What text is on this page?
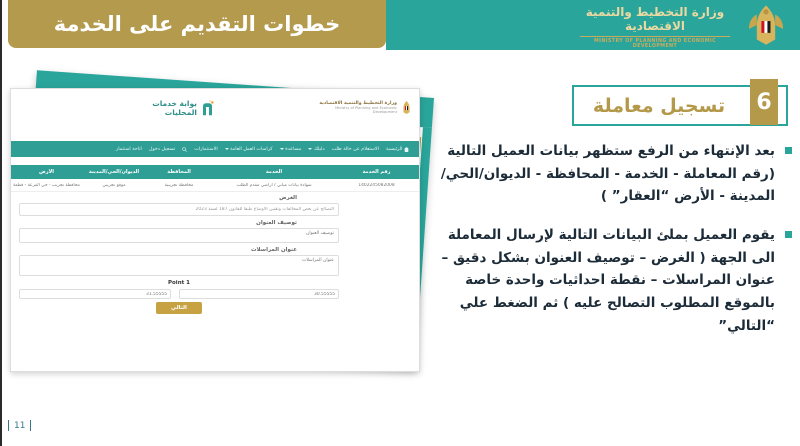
خطوات التقديم على الخدمة	وزارة التخطيط والتنمية الاقتصادية
MINISTRY OF PLANNING AND ECONOMIC DEVELOPMENT
6
تسجيل معاملة
بعد الإنتهاء من الرفع ستظهر بيانات العميل التالية (رقم المعاملة - الخدمة - المحافظة - الديوان/الحي/المدينة - الأرض “العقار” )
يقوم العميل بملئ البيانات التالية لإرسال المعاملة الى الجهة ( الغرض – توصيف العنوان بشكل دقيق – عنوان المراسلات – نقطة احداثيات واحدة خاصة بالموقع المطلوب التصالح عليه ) ثم الضغط علي “التالي”
وزارة التخطيط والتنمية الاقتصادية
Ministry of Planning and Economic
Development
بوابة خدمات
المحليات
الرئيسية
الاستعلام عن حالة طلب
دليلك
مساعدة
كراسات العمل العامة
الاستثمارات
تسجيل دخول
اتاحة استثمار
رقم الخدمة
الخدمة
المحافظة
الديوان/الحي/المدينة
الأرض
1402245082008
شهادة بيانات مباني / أراضي مقدم الطلب
محافظة تجريبية
موقع تجريبي
محافظة تجريب - حي الفرعة - قطعة
الغرض
التصالح عن بعض المخالفات وتقنين الاوضاع طبقا للقانون 187 لسنة 2023
توصيف العنوان
توصيف العنوان
عنوان المراسلات
عنوان المراسلات
Point 1
31.55555
30.55555
التالي
11
